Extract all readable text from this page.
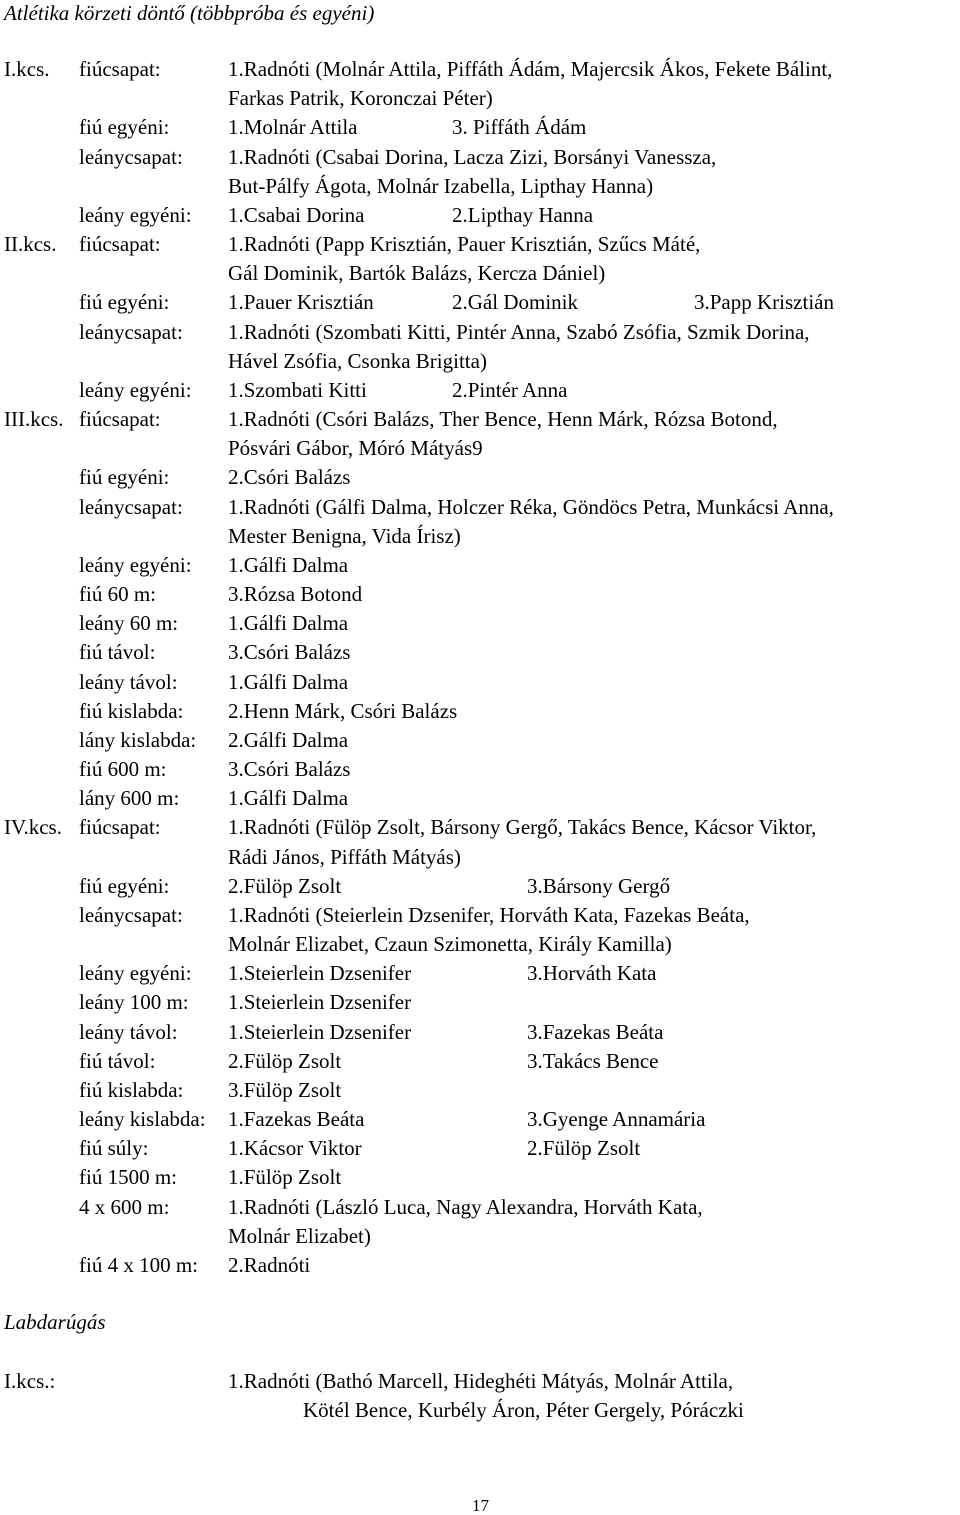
Atlétika körzeti döntő (többpróba és egyéni)
I.kcs. fiúcsapat:	1.Radnóti (Molnár Attila, Piffáth Ádám, Majercsik Ákos, Fekete Bálint,
Farkas Patrik, Koronczai Péter)
fiú egyéni:	1.Molnár Attila	3. Piffáth Ádám
leánycsapat: 1.Radnóti (Csabai Dorina, Lacza Zizi, Borsányi Vanessza,
But-Pálfy Ágota, Molnár Izabella, Lipthay Hanna)
leány egyéni: 1.Csabai Dorina	2.Lipthay Hanna
II.kcs. fiúcsapat:	1.Radnóti (Papp Krisztián, Pauer Krisztián, Szűcs Máté,
Gál Dominik, Bartók Balázs, Kercza Dániel)
fiú egyéni:	1.Pauer Krisztián	2.Gál Dominik	3.Papp Krisztián
leánycsapat: 1.Radnóti (Szombati Kitti, Pintér Anna, Szabó Zsófia, Szmik Dorina,
Hável Zsófia, Csonka Brigitta)
leány egyéni: 1.Szombati Kitti	2.Pintér Anna
III.kcs. fiúcsapat:	1.Radnóti (Csóri Balázs, Ther Bence, Henn Márk, Rózsa Botond,
Pósvári Gábor, Móró Mátyás9
fiú egyéni:	2.Csóri Balázs
leánycsapat: 1.Radnóti (Gálfi Dalma, Holczer Réka, Göndöcs Petra, Munkácsi Anna,
Mester Benigna, Vida Írisz)
leány egyéni: 1.Gálfi Dalma
fiú 60 m:	3.Rózsa Botond
leány 60 m: 1.Gálfi Dalma
fiú távol:	3.Csóri Balázs
leány távol: 1.Gálfi Dalma
fiú kislabda: 2.Henn Márk, Csóri Balázs
lány kislabda: 2.Gálfi Dalma
fiú 600 m:	3.Csóri Balázs
lány 600 m: 1.Gálfi Dalma
IV.kcs. fiúcsapat:	1.Radnóti (Fülöp Zsolt, Bársony Gergő, Takács Bence, Kácsor Viktor,
Rádi János, Piffáth Mátyás)
fiú egyéni:	2.Fülöp Zsolt	3.Bársony Gergő
leánycsapat: 1.Radnóti (Steierlein Dzsenifer, Horváth Kata, Fazekas Beáta,
Molnár Elizabet, Czaun Szimonetta, Király Kamilla)
leány egyéni: 1.Steierlein Dzsenifer	3.Horváth Kata
leány 100 m: 1.Steierlein Dzsenifer
leány távol: 1.Steierlein Dzsenifer	3.Fazekas Beáta
fiú távol:	2.Fülöp Zsolt	3.Takács Bence
fiú kislabda: 3.Fülöp Zsolt
leány kislabda: 1.Fazekas Beáta	3.Gyenge Annamária
fiú súly:	1.Kácsor Viktor	2.Fülöp Zsolt
fiú 1500 m: 1.Fülöp Zsolt
4 x 600 m:	1.Radnóti (László Luca, Nagy Alexandra, Horváth Kata,
Molnár Elizabet)
fiú 4 x 100 m: 2.Radnóti
Labdarúgás
I.kcs.:	1.Radnóti (Bathó Marcell, Hideghéti Mátyás, Molnár Attila,
Kötél Bence, Kurbély Áron, Péter Gergely, Póráczki
17
